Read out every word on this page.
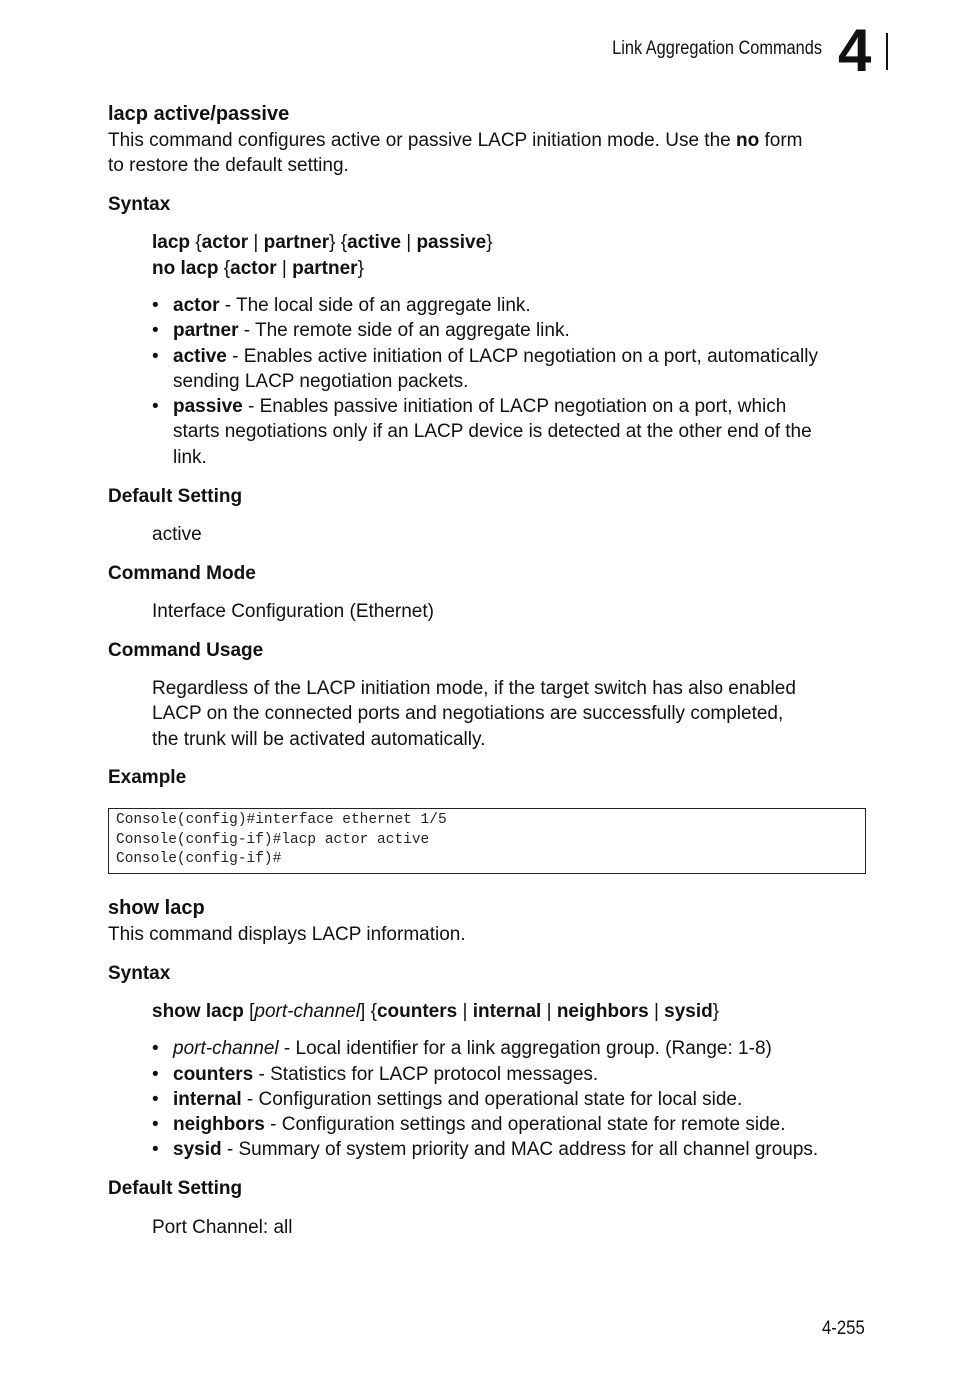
Link Aggregation Commands 4
lacp active/passive
This command configures active or passive LACP initiation mode. Use the no form
to restore the default setting.
Syntax
lacp {actor | partner} {active | passive}
no lacp {actor | partner}
• actor - The local side of an aggregate link.
• partner - The remote side of an aggregate link.
• active - Enables active initiation of LACP negotiation on a port, automatically
sending LACP negotiation packets.
• passive - Enables passive initiation of LACP negotiation on a port, which
starts negotiations only if an LACP device is detected at the other end of the
link.
Default Setting
active
Command Mode
Interface Configuration (Ethernet)
Command Usage
Regardless of the LACP initiation mode, if the target switch has also enabled
LACP on the connected ports and negotiations are successfully completed,
the trunk will be activated automatically.
Example
Console(config)#interface ethernet 1/5
Console(config-if)#lacp actor active
Console(config-if)#
show lacp
This command displays LACP information.
Syntax
show lacp [port-channel] {counters | internal | neighbors | sysid}
• port-channel - Local identifier for a link aggregation group. (Range: 1-8)
• counters - Statistics for LACP protocol messages.
• internal - Configuration settings and operational state for local side.
• neighbors - Configuration settings and operational state for remote side.
• sysid - Summary of system priority and MAC address for all channel groups.
Default Setting
Port Channel: all
4-255
